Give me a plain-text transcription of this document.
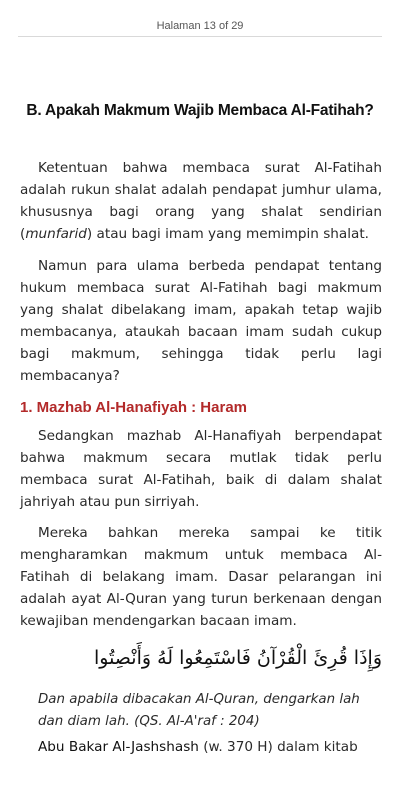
Halaman 13 of 29
B. Apakah Makmum Wajib Membaca Al-Fatihah?
Ketentuan bahwa membaca surat Al-Fatihah adalah rukun shalat adalah pendapat jumhur ulama, khususnya bagi orang yang shalat sendirian (munfarid) atau bagi imam yang memimpin shalat.
Namun para ulama berbeda pendapat tentang hukum membaca surat Al-Fatihah bagi makmum yang shalat dibelakang imam, apakah tetap wajib membacanya, ataukah bacaan imam sudah cukup bagi makmum, sehingga tidak perlu lagi membacanya?
1. Mazhab Al-Hanafiyah : Haram
Sedangkan mazhab Al-Hanafiyah berpendapat bahwa makmum secara mutlak tidak perlu membaca surat Al-Fatihah, baik di dalam shalat jahriyah atau pun sirriyah.
Mereka bahkan mereka sampai ke titik mengharamkan makmum untuk membaca Al-Fatihah di belakang imam. Dasar pelarangan ini adalah ayat Al-Quran yang turun berkenaan dengan kewajiban mendengarkan bacaan imam.
وَإِذَا قُرِئَ الْقُرْآنُ فَاسْتَمِعُوا لَهُ وَأَنْصِتُوا
Dan apabila dibacakan Al-Quran, dengarkan lah dan diam lah. (QS. Al-A'raf : 204)
Abu Bakar Al-Jashshash (w. 370 H) dalam kitab
